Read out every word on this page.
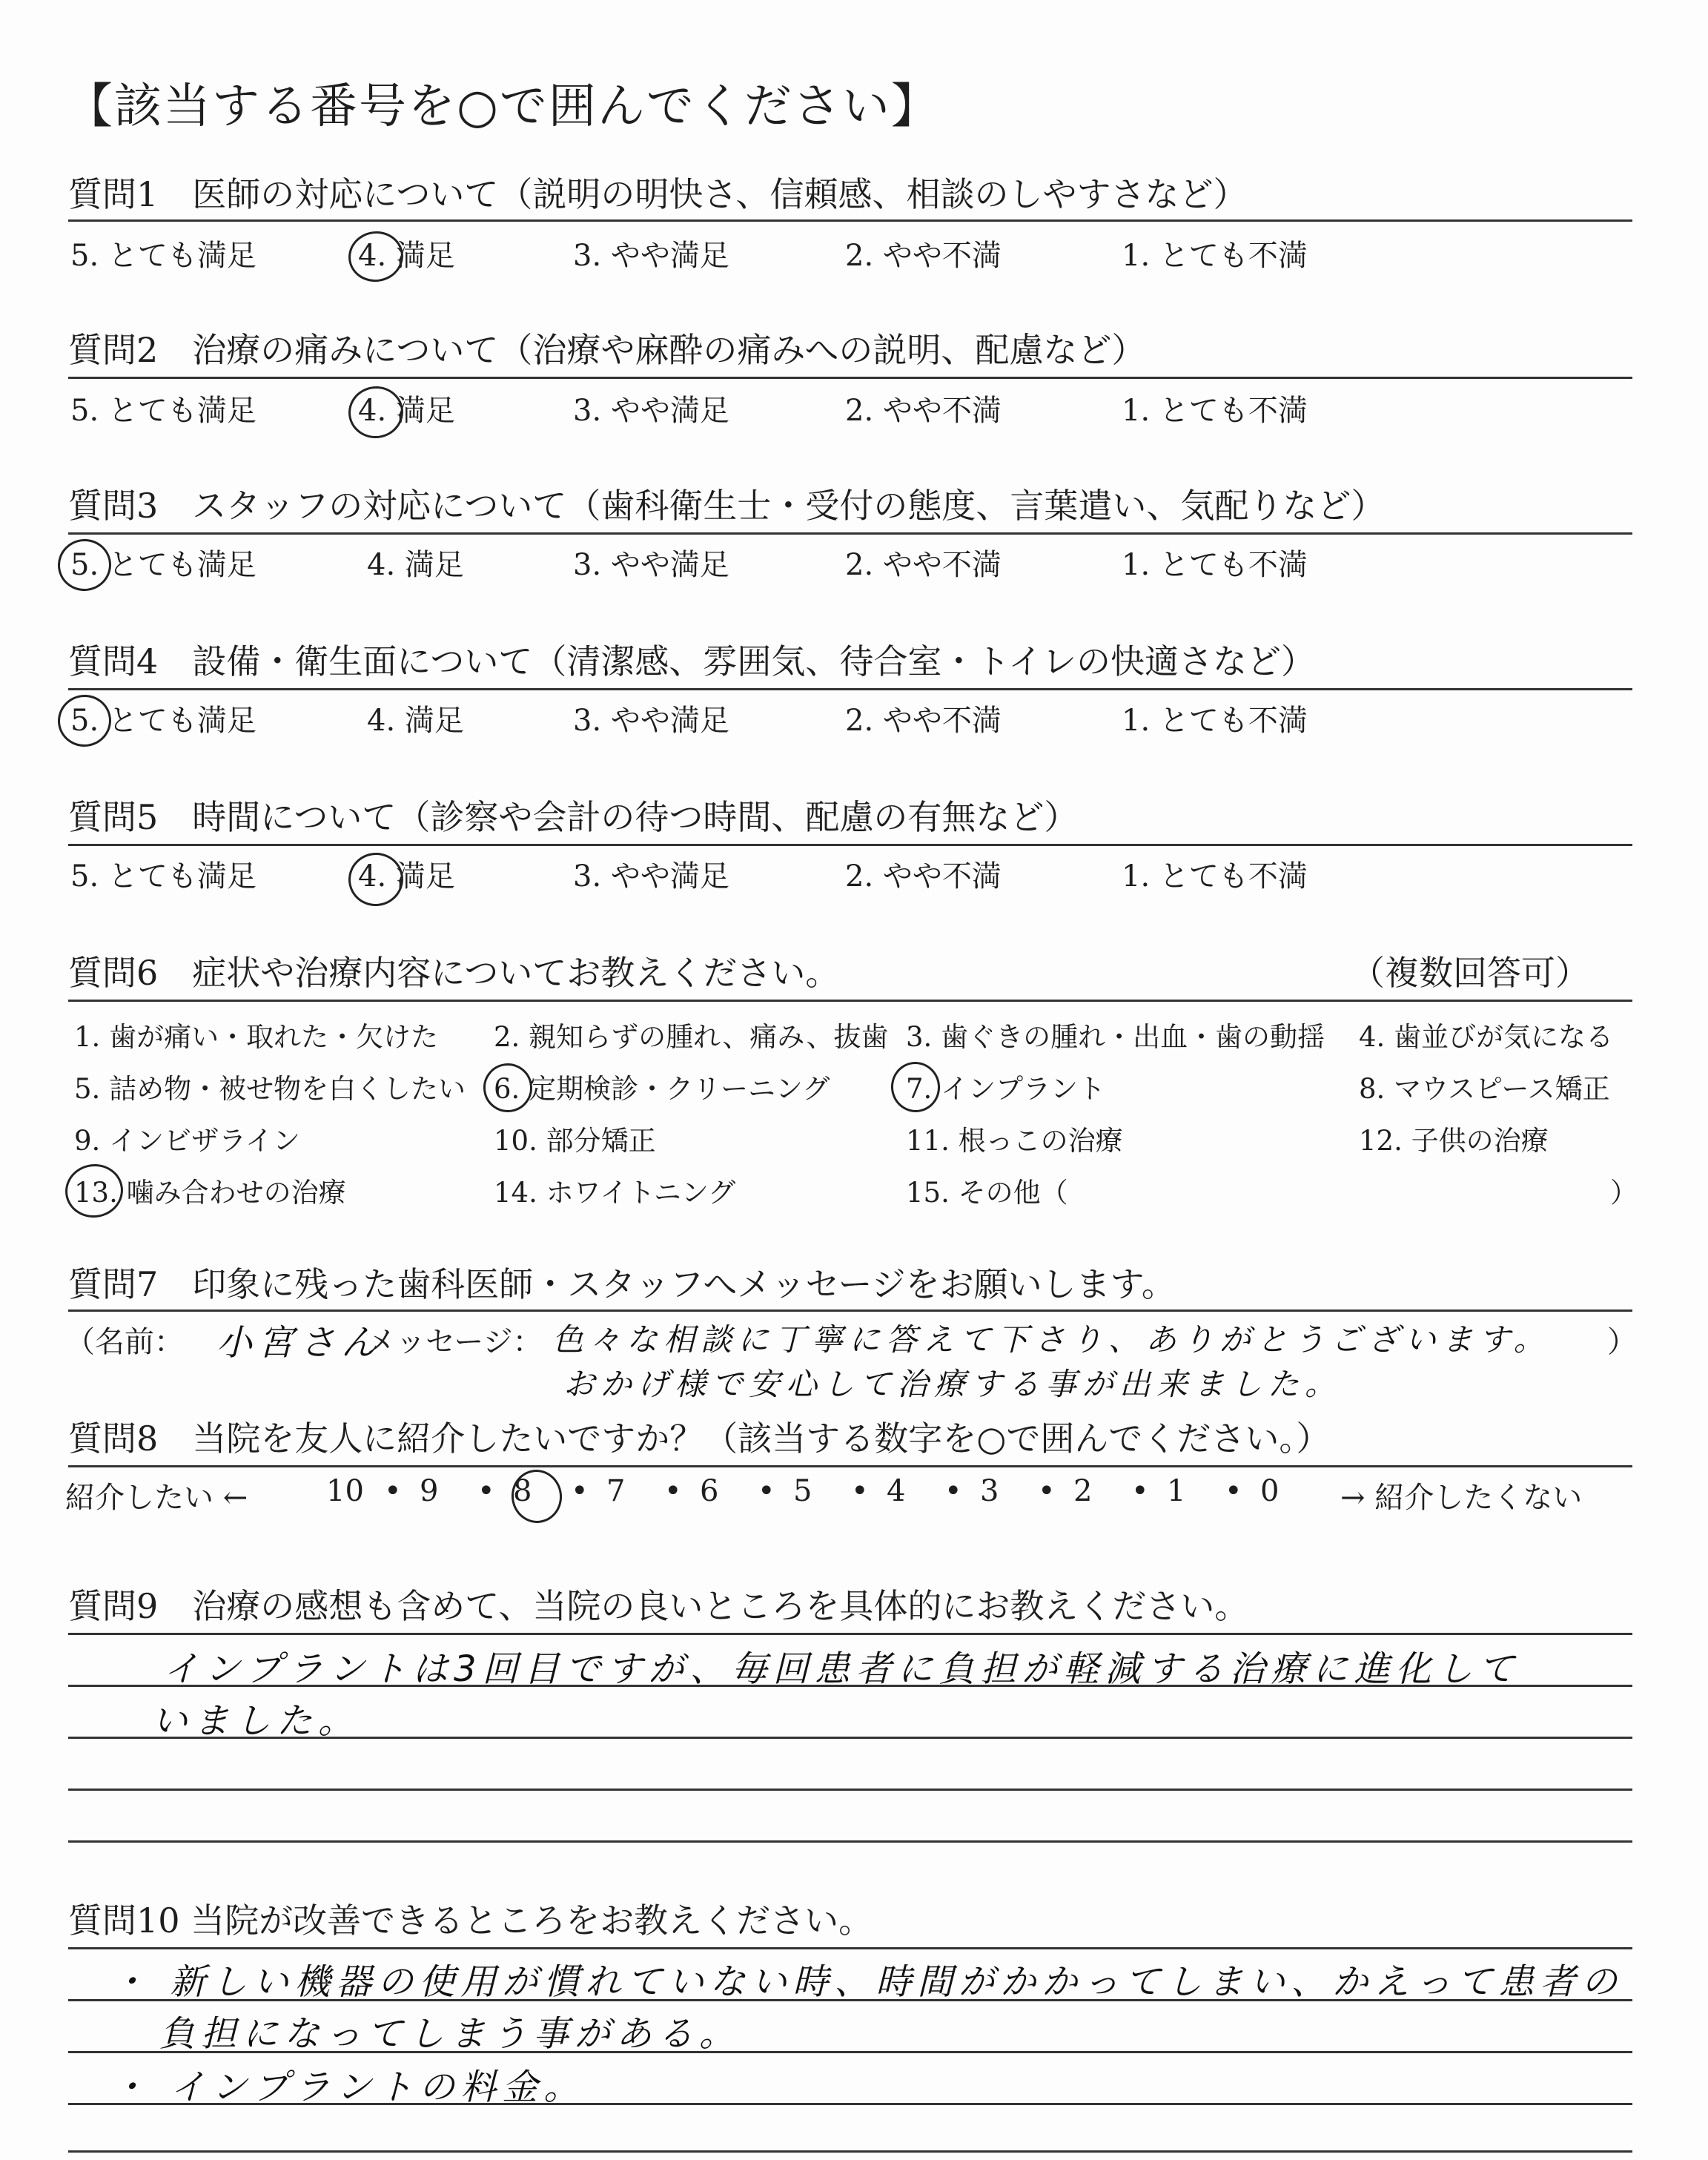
【該当する番号を○で囲んでください】
質問1　医師の対応について（説明の明快さ、信頼感、相談のしやすさなど）
5. とても満足	4. 満足	3. やや満足	2. やや不満	1. とても不満
質問2　治療の痛みについて（治療や麻酔の痛みへの説明、配慮など）
5. とても満足	4. 満足	3. やや満足	2. やや不満	1. とても不満
質問3　スタッフの対応について（歯科衛生士・受付の態度、言葉遣い、気配りなど）
5. とても満足	4. 満足	3. やや満足	2. やや不満	1. とても不満
質問4　設備・衛生面について（清潔感、雰囲気、待合室・トイレの快適さなど）
5. とても満足	4. 満足	3. やや満足	2. やや不満	1. とても不満
質問5　時間について（診察や会計の待つ時間、配慮の有無など）
5. とても満足	4. 満足	3. やや満足	2. やや不満	1. とても不満
質問6　症状や治療内容についてお教えください。	（複数回答可）
1. 歯が痛い・取れた・欠けた 2. 親知らずの腫れ、痛み、抜歯 3. 歯ぐきの腫れ・出血・歯の動揺 4. 歯並びが気になる
5. 詰め物・被せ物を白くしたい 6. 定期検診・クリーニング	7. インプラント	8. マウスピース矯正
9. インビザライン	10. 部分矯正	11. 根っこの治療	12. 子供の治療
13. 噛み合わせの治療	14. ホワイトニング	15. その他（	）
質問7　印象に残った歯科医師・スタッフへメッセージをお願いします。
（名前： 小宮さん
メッセージ： 色々な相談に丁寧に答えて下さり、ありがとうございます。
おかげ様で安心して治療する事が出来ました。
）
質問8　当院を友人に紹介したいですか？（該当する数字を○で囲んでください。）
紹介したい ←	→ 紹介したくない
10 • 9 • 8 • 7 • 6 • 5 • 4 • 3 • 2 • 1 • 0
質問9　治療の感想も含めて、当院の良いところを具体的にお教えください。
インプラントは3回目ですが、毎回患者に負担が軽減する治療に進化して
いました。
質問10 当院が改善できるところをお教えください。
・ 新しい機器の使用が慣れていない時、時間がかかってしまい、かえって患者の
負担になってしまう事がある。
・ インプラントの料金。
